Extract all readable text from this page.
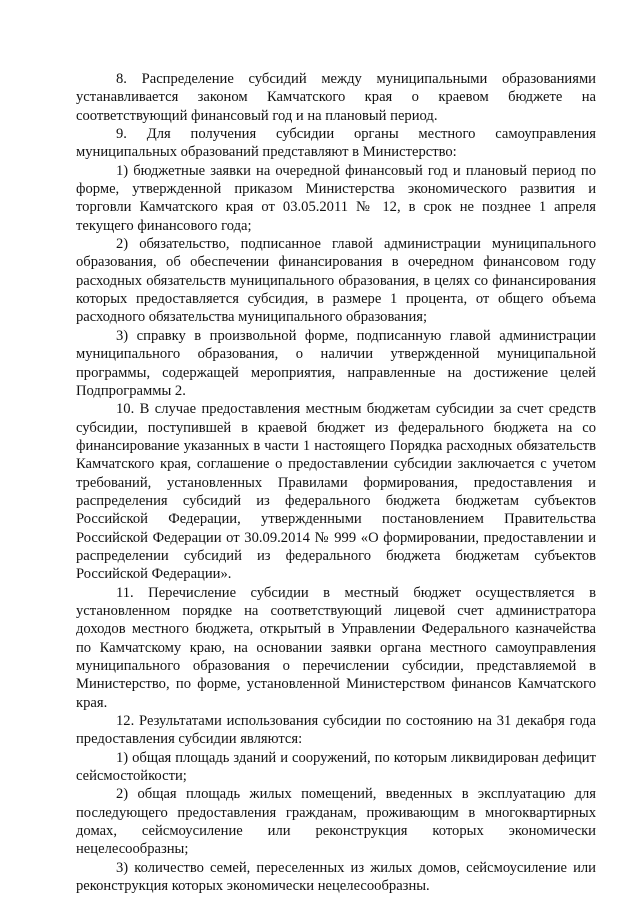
8. Распределение субсидий между муниципальными образованиями устанавливается законом Камчатского края о краевом бюджете на соответствующий финансовый год и на плановый период.

9. Для получения субсидии органы местного самоуправления муниципальных образований представляют в Министерство:

1) бюджетные заявки на очередной финансовый год и плановый период по форме, утвержденной приказом Министерства экономического развития и торговли Камчатского края от 03.05.2011 № 12, в срок не позднее 1 апреля текущего финансового года;

2) обязательство, подписанное главой администрации муниципального образования, об обеспечении финансирования в очередном финансовом году расходных обязательств муниципального образования, в целях со финансирования которых предоставляется субсидия, в размере 1 процента, от общего объема расходного обязательства муниципального образования;

3) справку в произвольной форме, подписанную главой администрации муниципального образования, о наличии утвержденной муниципальной программы, содержащей мероприятия, направленные на достижение целей Подпрограммы 2.

10. В случае предоставления местным бюджетам субсидии за счет средств субсидии, поступившей в краевой бюджет из федерального бюджета на со финансирование указанных в части 1 настоящего Порядка расходных обязательств Камчатского края, соглашение о предоставлении субсидии заключается с учетом требований, установленных Правилами формирования, предоставления и распределения субсидий из федерального бюджета бюджетам субъектов Российской Федерации, утвержденными постановлением Правительства Российской Федерации от 30.09.2014 № 999 «О формировании, предоставлении и распределении субсидий из федерального бюджета бюджетам субъектов Российской Федерации».

11. Перечисление субсидии в местный бюджет осуществляется в установленном порядке на соответствующий лицевой счет администратора доходов местного бюджета, открытый в Управлении Федерального казначейства по Камчатскому краю, на основании заявки органа местного самоуправления муниципального образования о перечислении субсидии, представляемой в Министерство, по форме, установленной Министерством финансов Камчатского края.

12. Результатами использования субсидии по состоянию на 31 декабря года предоставления субсидии являются:

1) общая площадь зданий и сооружений, по которым ликвидирован дефицит сейсмостойкости;

2) общая площадь жилых помещений, введенных в эксплуатацию для последующего предоставления гражданам, проживающим в многоквартирных домах, сейсмоусиление или реконструкция которых экономически нецелесообразны;

3) количество семей, переселенных из жилых домов, сейсмоусиление или реконструкция которых экономически нецелесообразны.
